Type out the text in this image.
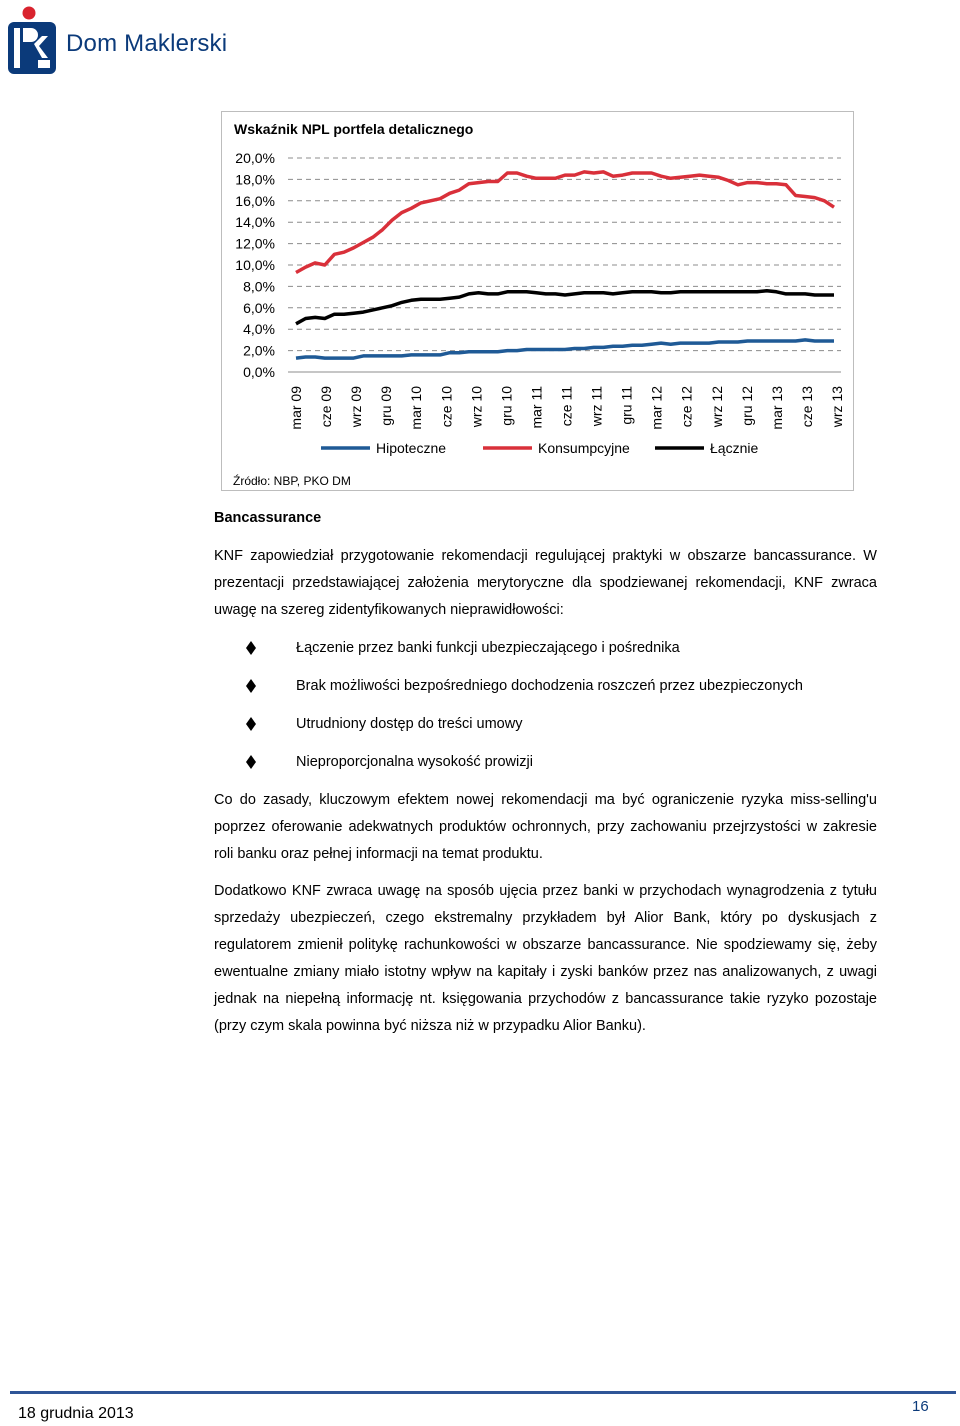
Dom Maklerski
Wskaźnik NPL portfela detalicznego
20,0%
18,0%
16,0%
14,0%
12,0%
10,0%
8,0%
6,0%
4,0%
2,0%
0,0%
mar 09 cze 09 wrz 09 gru 09 mar 10 cze 10 wrz 10 gru 10 mar 11 cze 11 wrz 11 gru 11 mar 12 cze 12 wrz 12 gru 12 mar 13 cze 13 wrz 13
Hipoteczne	Konsumpcyjne	Łącznie
Źródło: NBP, PKO DM
Bancassurance

KNF zapowiedział przygotowanie rekomendacji regulującej praktyki w obszarze bancassurance. W prezentacji przedstawiającej założenia merytoryczne dla spodziewanej rekomendacji, KNF zwraca uwagę na szereg zidentyfikowanych nieprawidłowości:

Łączenie przez banki funkcji ubezpieczającego i pośrednika
Brak możliwości bezpośredniego dochodzenia roszczeń przez ubezpieczonych
Utrudniony dostęp do treści umowy
Nieproporcjonalna wysokość prowizji

Co do zasady, kluczowym efektem nowej rekomendacji ma być ograniczenie ryzyka miss-selling'u poprzez oferowanie adekwatnych produktów ochronnych, przy zachowaniu przejrzystości w zakresie roli banku oraz pełnej informacji na temat produktu.

Dodatkowo KNF zwraca uwagę na sposób ujęcia przez banki w przychodach wynagrodzenia z tytułu sprzedaży ubezpieczeń, czego ekstremalny przykładem był Alior Bank, który po dyskusjach z regulatorem zmienił politykę rachunkowości w obszarze bancassurance. Nie spodziewamy się, żeby ewentualne zmiany miało istotny wpływ na kapitały i zyski banków przez nas analizowanych, z uwagi jednak na niepełną informację nt. księgowania przychodów z bancassurance takie ryzyko pozostaje (przy czym skala powinna być niższa niż w przypadku Alior Banku).

18 grudnia 2013	16
